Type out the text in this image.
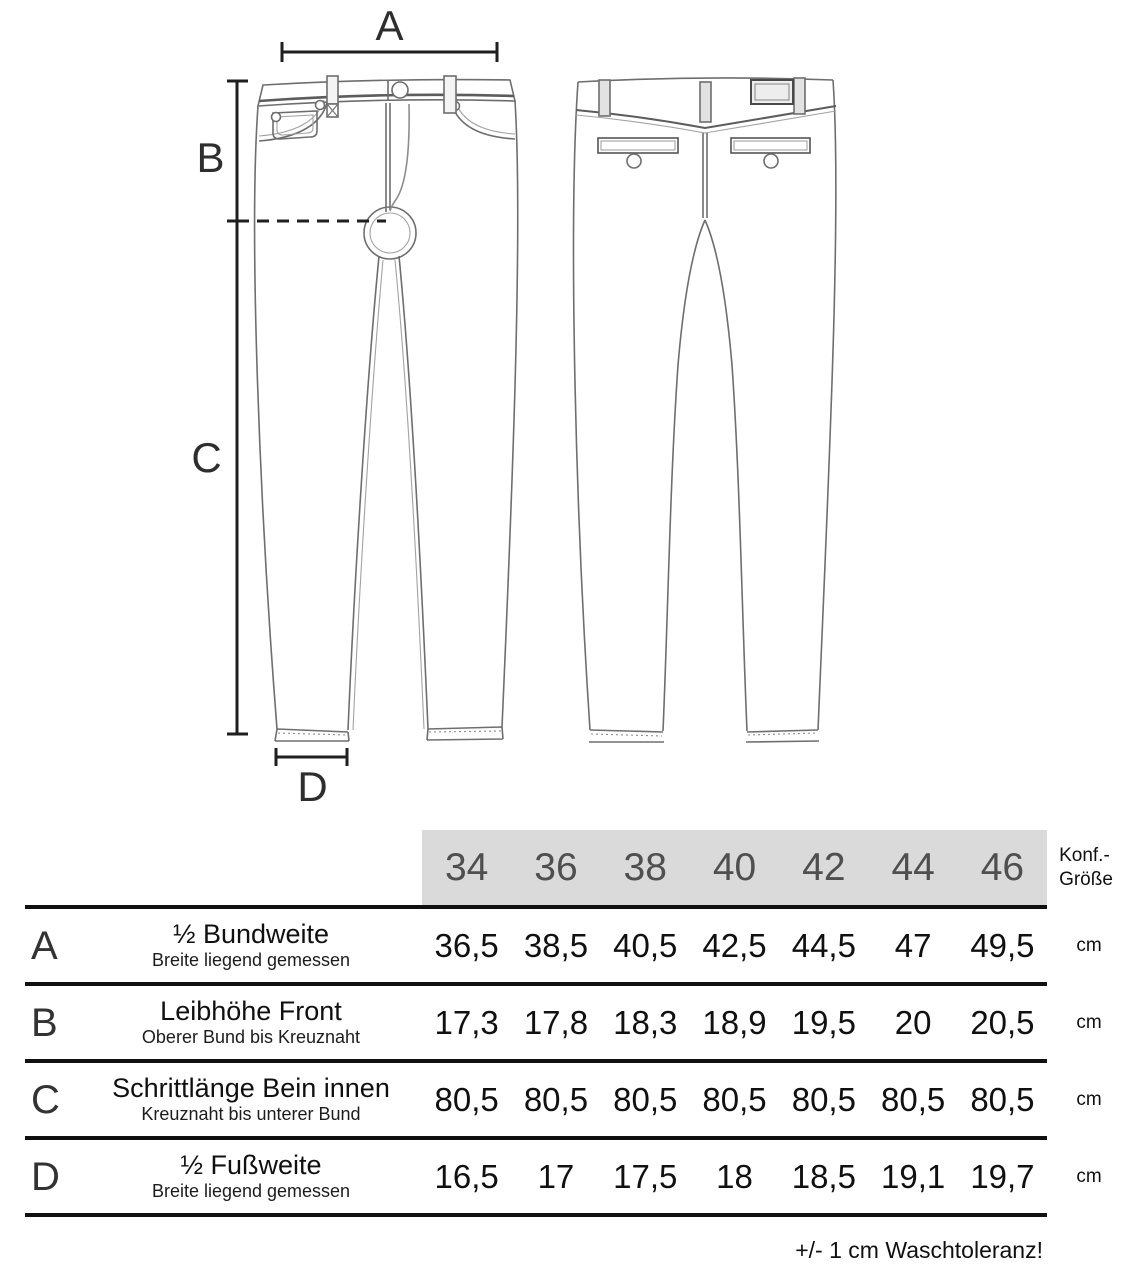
A
B
C
D
34	36	38	40	42	44	46	Konf.-
Größe
A	½ Bundweite
Breite liegend gemessen	36,5 38,5 40,5 42,5 44,5	47	49,5	cm
B	Leibhöhe Front
Oberer Bund bis Kreuznaht	17,3 17,8 18,3 18,9 19,5	20	20,5	cm
C	Schrittlänge Bein innen
Kreuznaht bis unterer Bund	80,5 80,5 80,5 80,5 80,5 80,5 80,5	cm
D	½ Fußweite
Breite liegend gemessen	16,5	17	17,5	18	18,5 19,1 19,7	cm
+/- 1 cm Waschtoleranz!
